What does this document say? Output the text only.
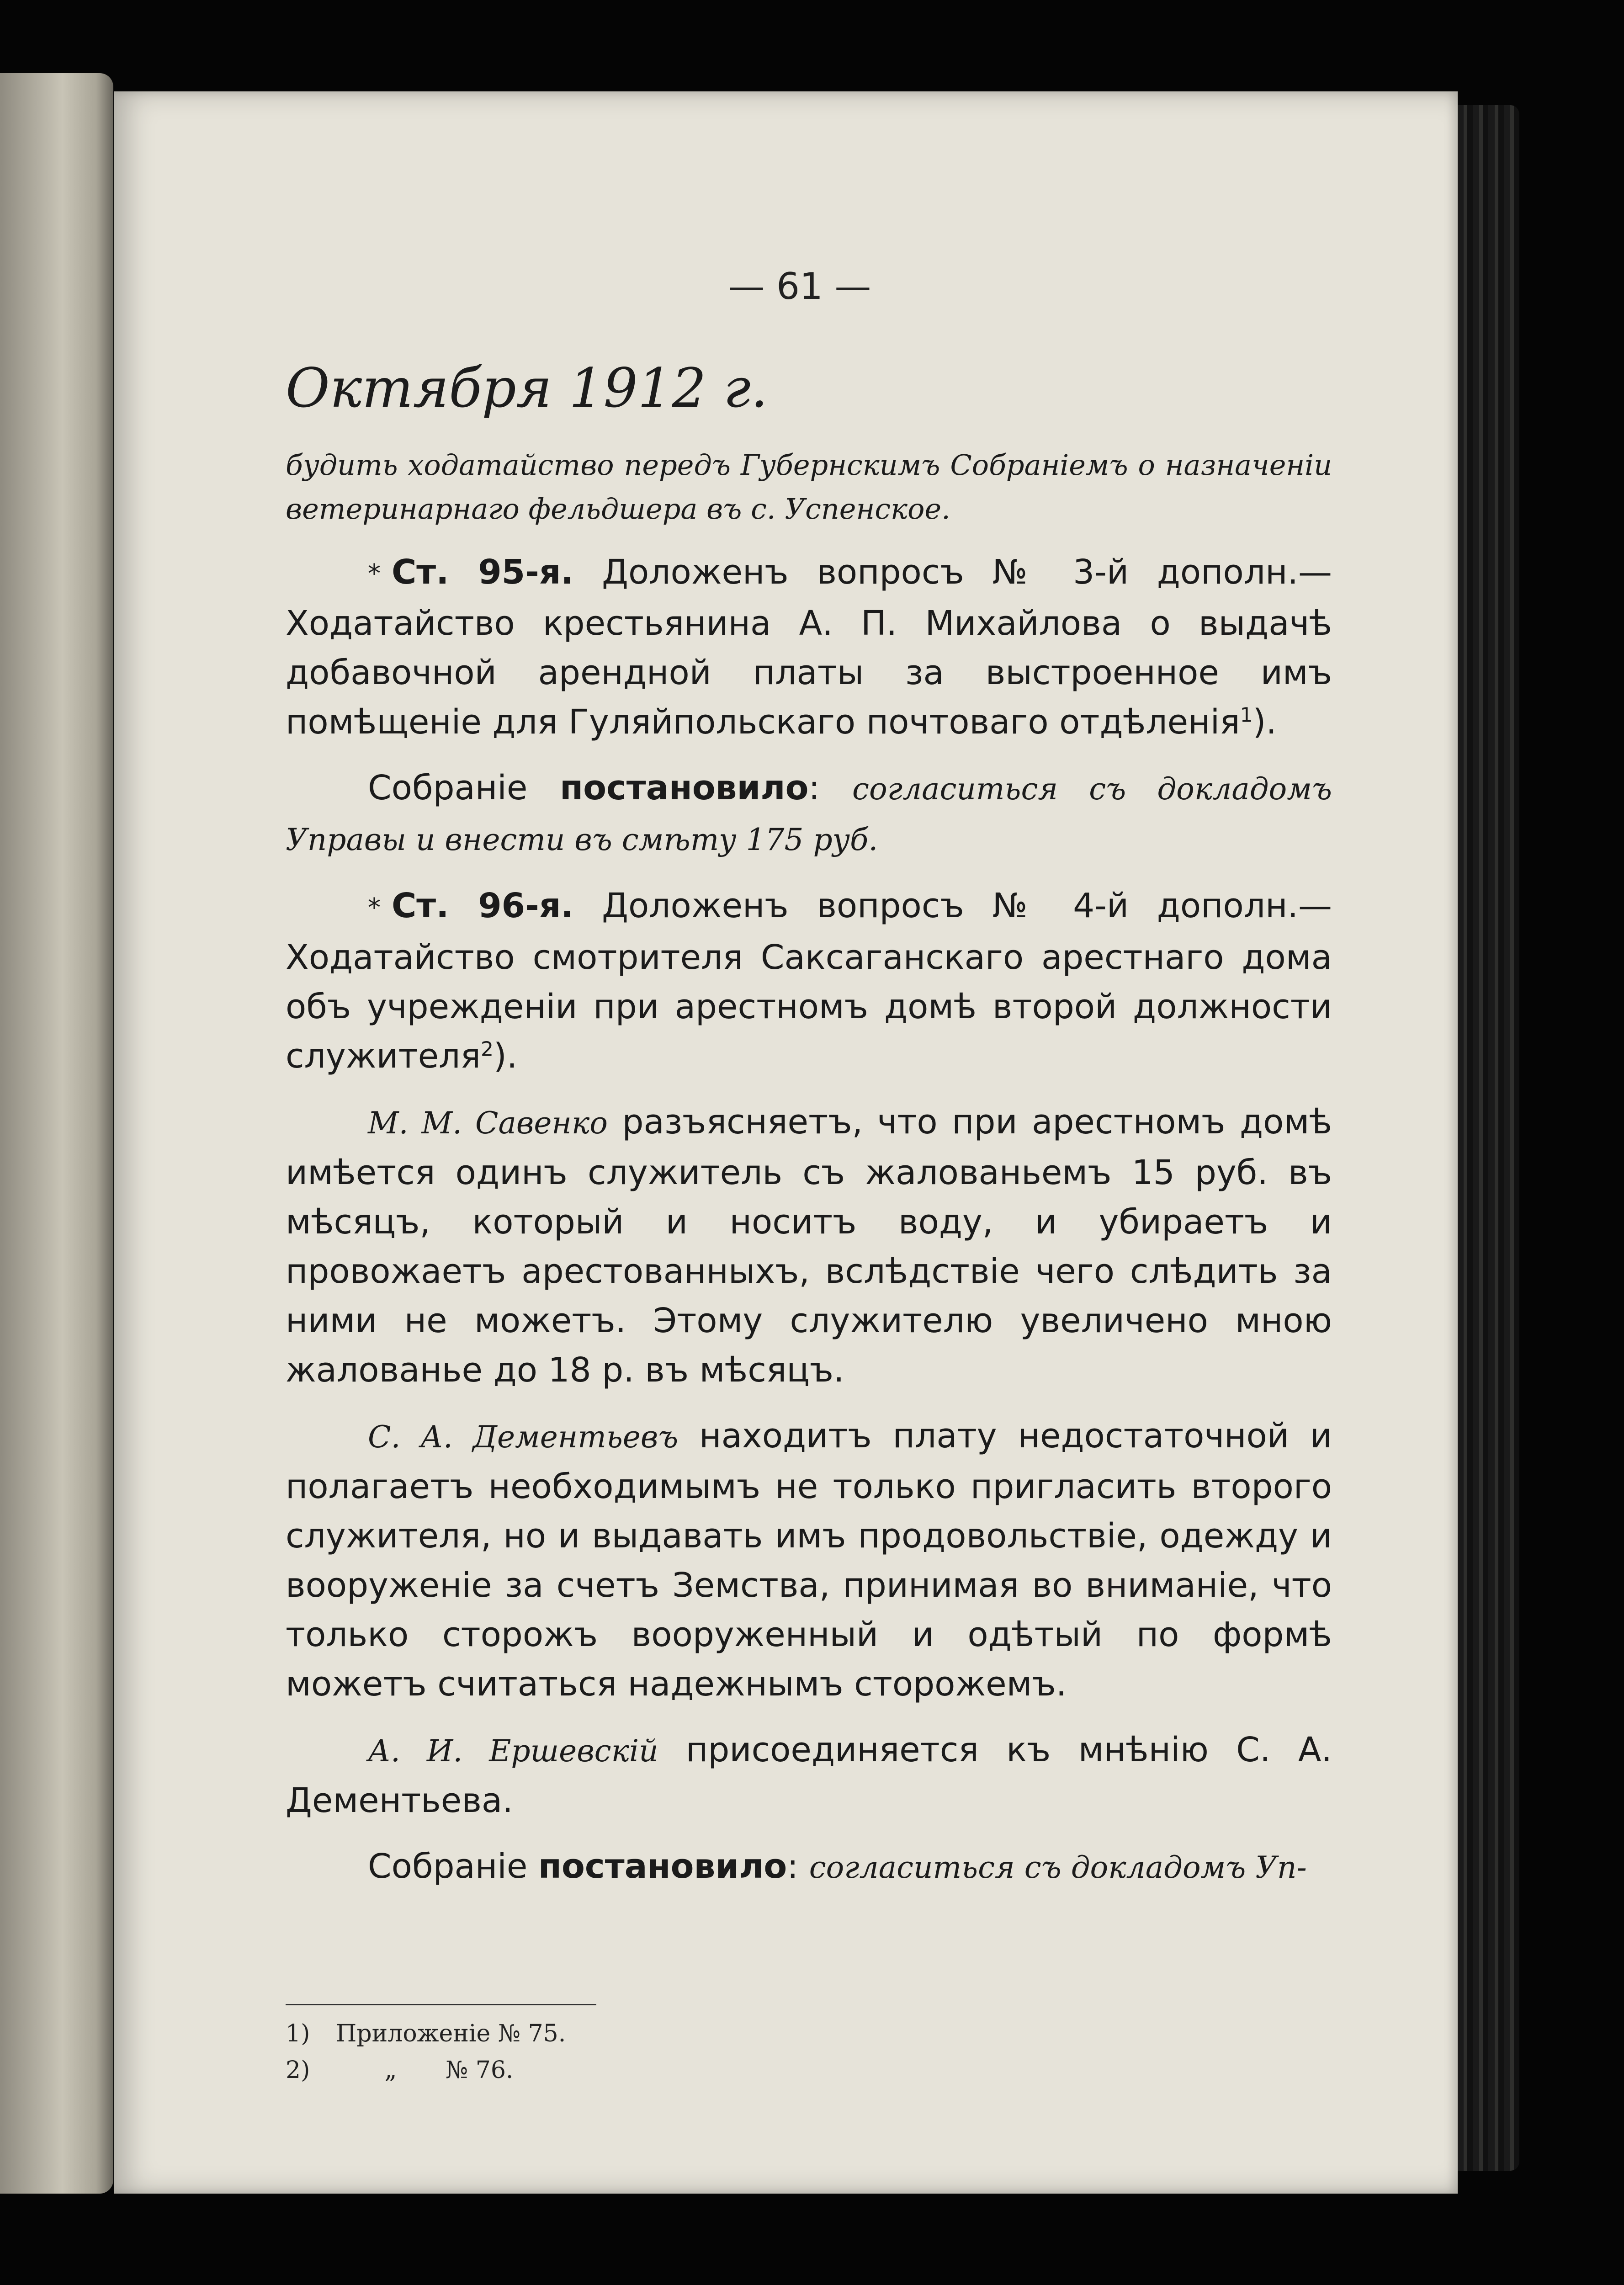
— 61 —
Октября 1912 г.

будить ходатайство передъ Губернскимъ Собраніемъ о назначеніи ветеринарнаго фельдшера въ с. Успенское.

* Ст. 95-я. Доложенъ вопросъ № 3-й дополн.— Ходатайство крестьянина А. П. Михайлова о выдачѣ добавочной арендной платы за выстроенное имъ помѣщеніе для Гуляйпольскаго почтоваго отдѣленія$^1$).

Собраніе постановило: согласиться съ докладомъ Управы и внести въ смѣту 175 руб.

* Ст. 96-я. Доложенъ вопросъ № 4-й дополн.— Ходатайство смотрителя Саксаганскаго арестнаго дома объ учрежденіи при арестномъ домѣ второй должности служителя$^2$).

М. М. Савенко разъясняетъ, что при арестномъ домѣ имѣется одинъ служитель съ жалованьемъ 15 руб. въ мѣсяцъ, который и носитъ воду, и убираетъ и провожаетъ арестованныхъ, вслѣдствіе чего слѣдить за ними не можетъ. Этому служителю увеличено мною жалованье до 18 р. въ мѣсяцъ.

С. А. Дементьевъ находитъ плату недостаточной и полагаетъ необходимымъ не только пригласить второго служителя, но и выдавать имъ продовольствіе, одежду и вооруженіе за счетъ Земства, принимая во вниманіе, что только сторожъ вооруженный и одѣтый по формѣ можетъ считаться надежнымъ сторожемъ.

А. И. Ершевскій присоединяется къ мнѣнію С. А. Дементьева.

Собраніе постановило: согласиться съ докладомъ Уп-

1)	Приложеніе № 75.
2)	„	№ 76.
